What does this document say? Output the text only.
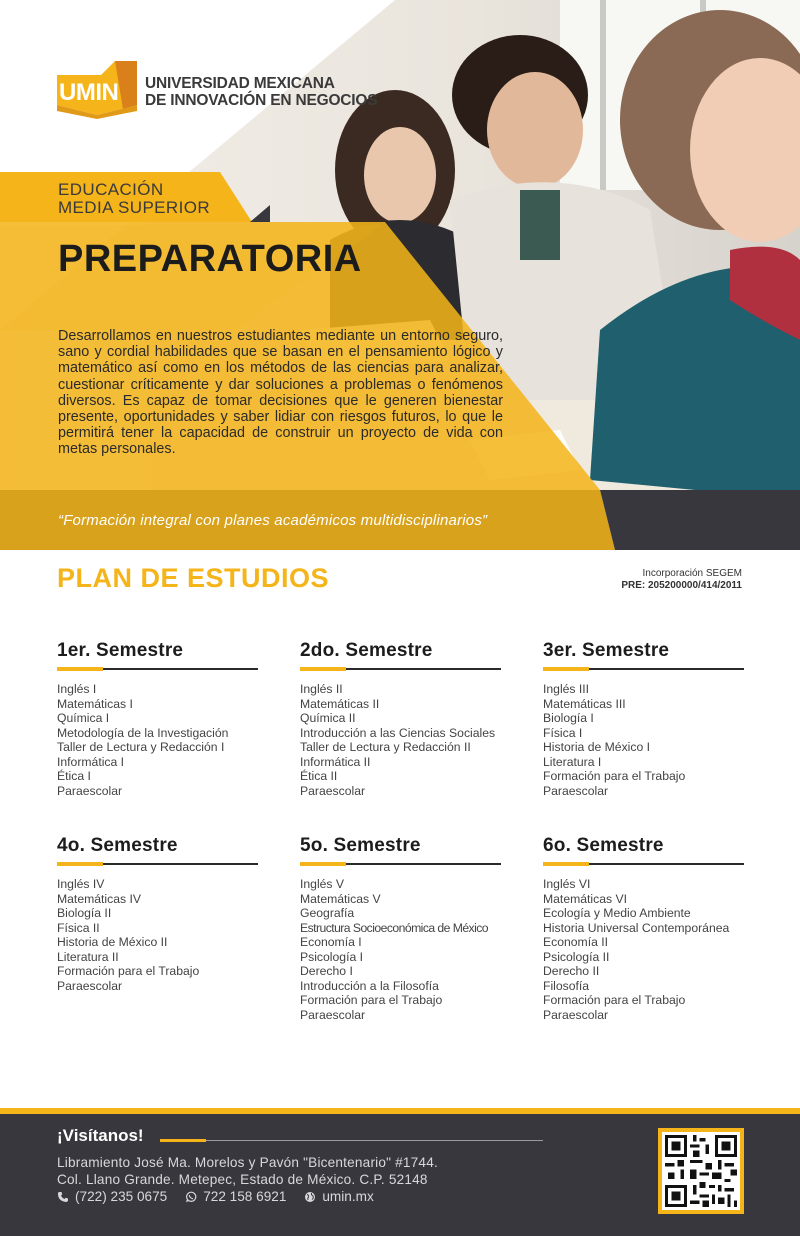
UMIN UNIVERSIDAD MEXICANA
DE INNOVACIÓN EN NEGOCIOS
EDUCACIÓN
MEDIA SUPERIOR
PREPARATORIA

Desarrollamos en nuestros estudiantes mediante un entorno seguro, sano y cordial habilidades que se basan en el pensamiento lógico y matemático así como en los métodos de las ciencias para analizar, cuestionar críticamente y dar soluciones a problemas o fenómenos diversos. Es capaz de tomar decisiones que le generen bienestar presente, oportunidades y saber lidiar con riesgos futuros, lo que le permitirá tener la capacidad de construir un proyecto de vida con metas personales.

“Formación integral con planes académicos multidisciplinarios”

PLAN DE ESTUDIOS	Incorporación SEGEM
PRE: 205200000/414/2011
1er. Semestre
Inglés I
Matemáticas I
Química I
Metodología de la Investigación
Taller de Lectura y Redacción I
Informática I
Ética I
Paraescolar
2do. Semestre
Inglés II
Matemáticas II
Química II
Introducción a las Ciencias Sociales
Taller de Lectura y Redacción II
Informática II
Ética II
Paraescolar
3er. Semestre
Inglés III
Matemáticas III
Biología I
Física I
Historia de México I
Literatura I
Formación para el Trabajo
Paraescolar
4o. Semestre
Inglés IV
Matemáticas IV
Biología II
Física II
Historia de México II
Literatura II
Formación para el Trabajo
Paraescolar
5o. Semestre
Inglés V
Matemáticas V
Geografía
Estructura Socioeconómica de México
Economía I
Psicología I
Derecho I
Introducción a la Filosofía
Formación para el Trabajo
Paraescolar
6o. Semestre
Inglés VI
Matemáticas VI
Ecología y Medio Ambiente
Historia Universal Contemporánea
Economía II
Psicología II
Derecho II
Filosofía
Formación para el Trabajo
Paraescolar
¡Visítanos!
Libramiento José Ma. Morelos y Pavón "Bicentenario" #1744.
Col. Llano Grande. Metepec, Estado de México. C.P. 52148
(722) 235 0675	722 158 6921	umin.mx
